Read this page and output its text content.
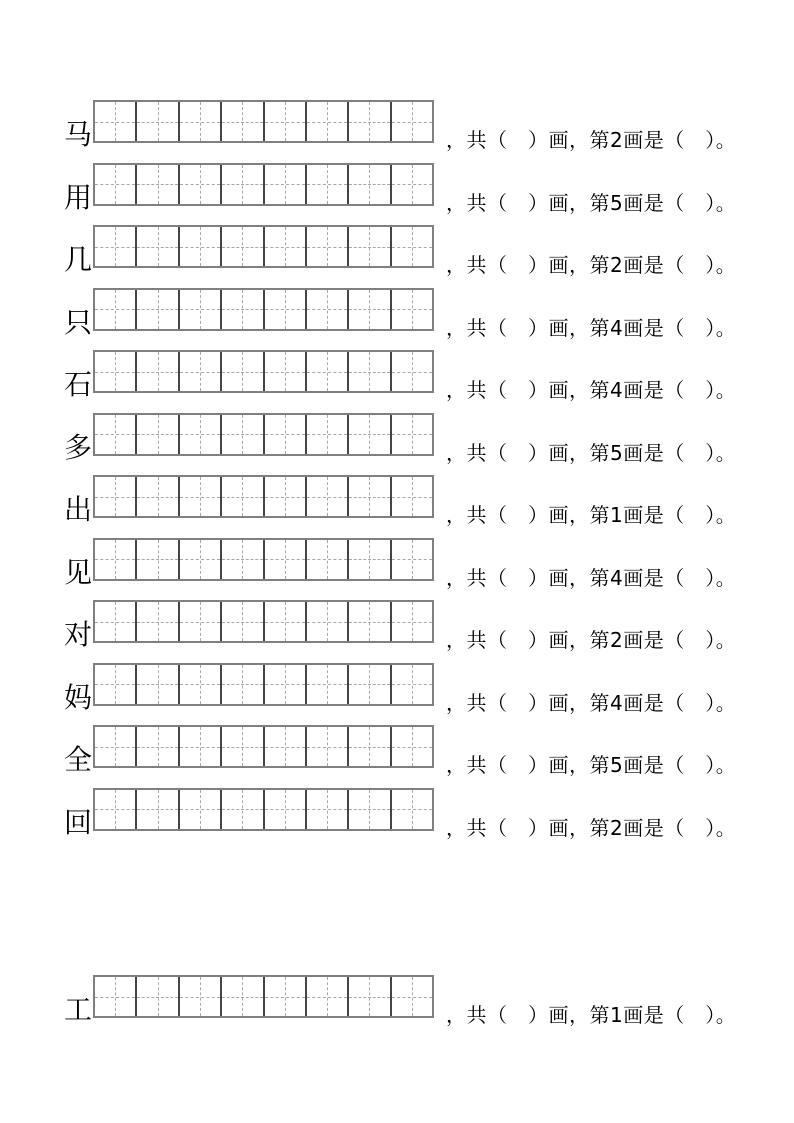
马	，共（　）画，第2画是（　）。
用	，共（　）画，第5画是（　）。
几	，共（　）画，第2画是（　）。
只	，共（　）画，第4画是（　）。
石	，共（　）画，第4画是（　）。
多	，共（　）画，第5画是（　）。
出	，共（　）画，第1画是（　）。
见	，共（　）画，第4画是（　）。
对	，共（　）画，第2画是（　）。
妈	，共（　）画，第4画是（　）。
全	，共（　）画，第5画是（　）。
回	，共（　）画，第2画是（　）。
工	，共（　）画，第1画是（　）。
